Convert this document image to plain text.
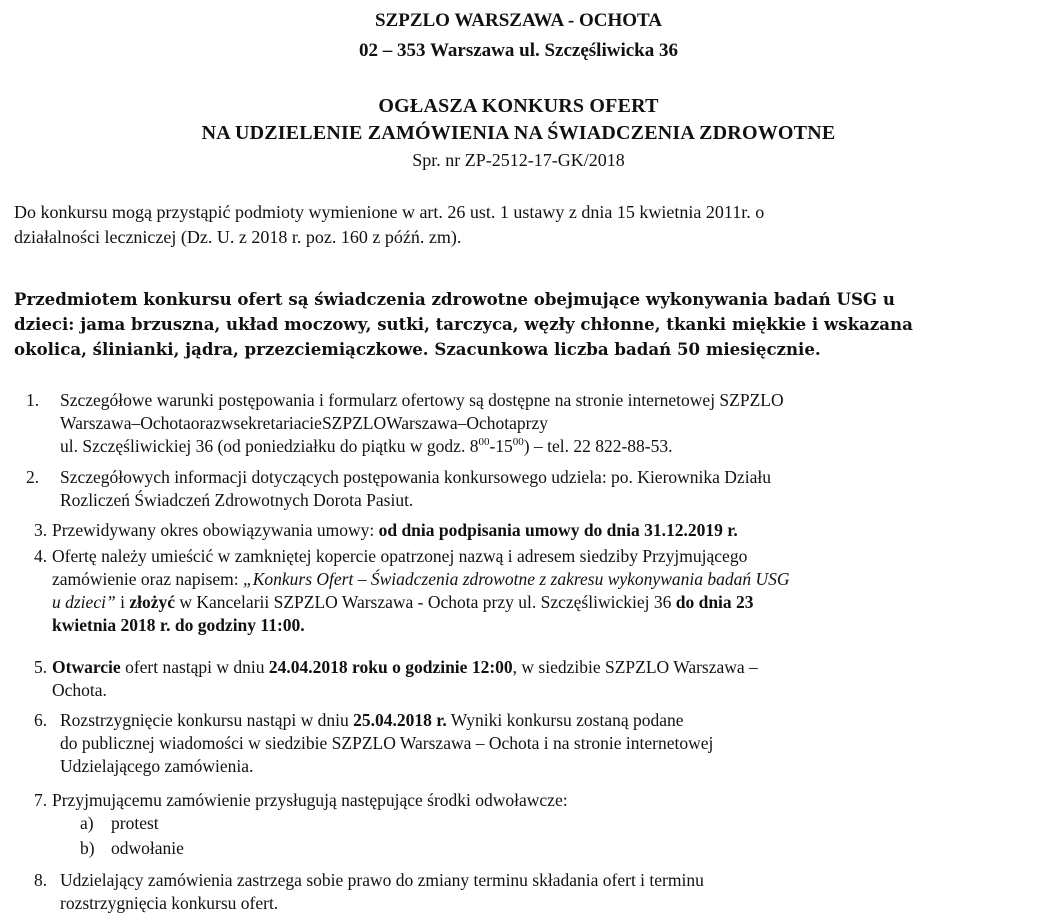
SZPZLO WARSZAWA - OCHOTA
02 – 353 Warszawa ul. Szczęśliwicka 36
OGŁASZA KONKURS OFERT
NA UDZIELENIE ZAMÓWIENIA NA ŚWIADCZENIA ZDROWOTNE
Spr. nr ZP-2512-17-GK/2018
Do konkursu mogą przystąpić podmioty wymienione w art. 26 ust. 1 ustawy z dnia 15 kwietnia 2011r. o
działalności leczniczej (Dz. U. z 2018 r. poz. 160 z późń. zm).
Przedmiotem konkursu ofert są świadczenia zdrowotne obejmujące wykonywania badań USG u
dzieci: jama brzuszna, układ moczowy, sutki, tarczyca, węzły chłonne, tkanki miękkie i wskazana
okolica, ślinianki, jądra, przezciemiączkowe. Szacunkowa liczba badań 50 miesięcznie.
1. Szczegółowe warunki postępowania i formularz ofertowy są dostępne na stronie internetowej SZPZLO
Warszawa–OchotaorazwsekretariacieSZPZLOWarszawa–Ochotaprzy
ul. Szczęśliwickiej 36 (od poniedziałku do piątku w godz. $8^{00}-15^{00}$) – tel. 22 822-88-53.
2. Szczegółowych informacji dotyczących postępowania konkursowego udziela: po. Kierownika Działu
Rozliczeń Świadczeń Zdrowotnych Dorota Pasiut.
3. Przewidywany okres obowiązywania umowy: od dnia podpisania umowy do dnia 31.12.2019 r.
4. Ofertę należy umieścić w zamkniętej kopercie opatrzonej nazwą i adresem siedziby Przyjmującego
zamówienie oraz napisem: „Konkurs Ofert – Świadczenia zdrowotne z zakresu wykonywania badań USG
u dzieci” i złożyć w Kancelarii SZPZLO Warszawa - Ochota przy ul. Szczęśliwickiej 36 do dnia 23
kwietnia 2018 r. do godziny 11:00.
5. Otwarcie ofert nastąpi w dniu 24.04.2018 roku o godzinie 12:00, w siedzibie SZPZLO Warszawa –
Ochota.
6. Rozstrzygnięcie konkursu nastąpi w dniu 25.04.2018 r. Wyniki konkursu zostaną podane
do publicznej wiadomości w siedzibie SZPZLO Warszawa – Ochota i na stronie internetowej
Udzielającego zamówienia.
7. Przyjmującemu zamówienie przysługują następujące środki odwoławcze:
a) protest
b) odwołanie
8. Udzielający zamówienia zastrzega sobie prawo do zmiany terminu składania ofert i terminu
rozstrzygnięcia konkursu ofert.
